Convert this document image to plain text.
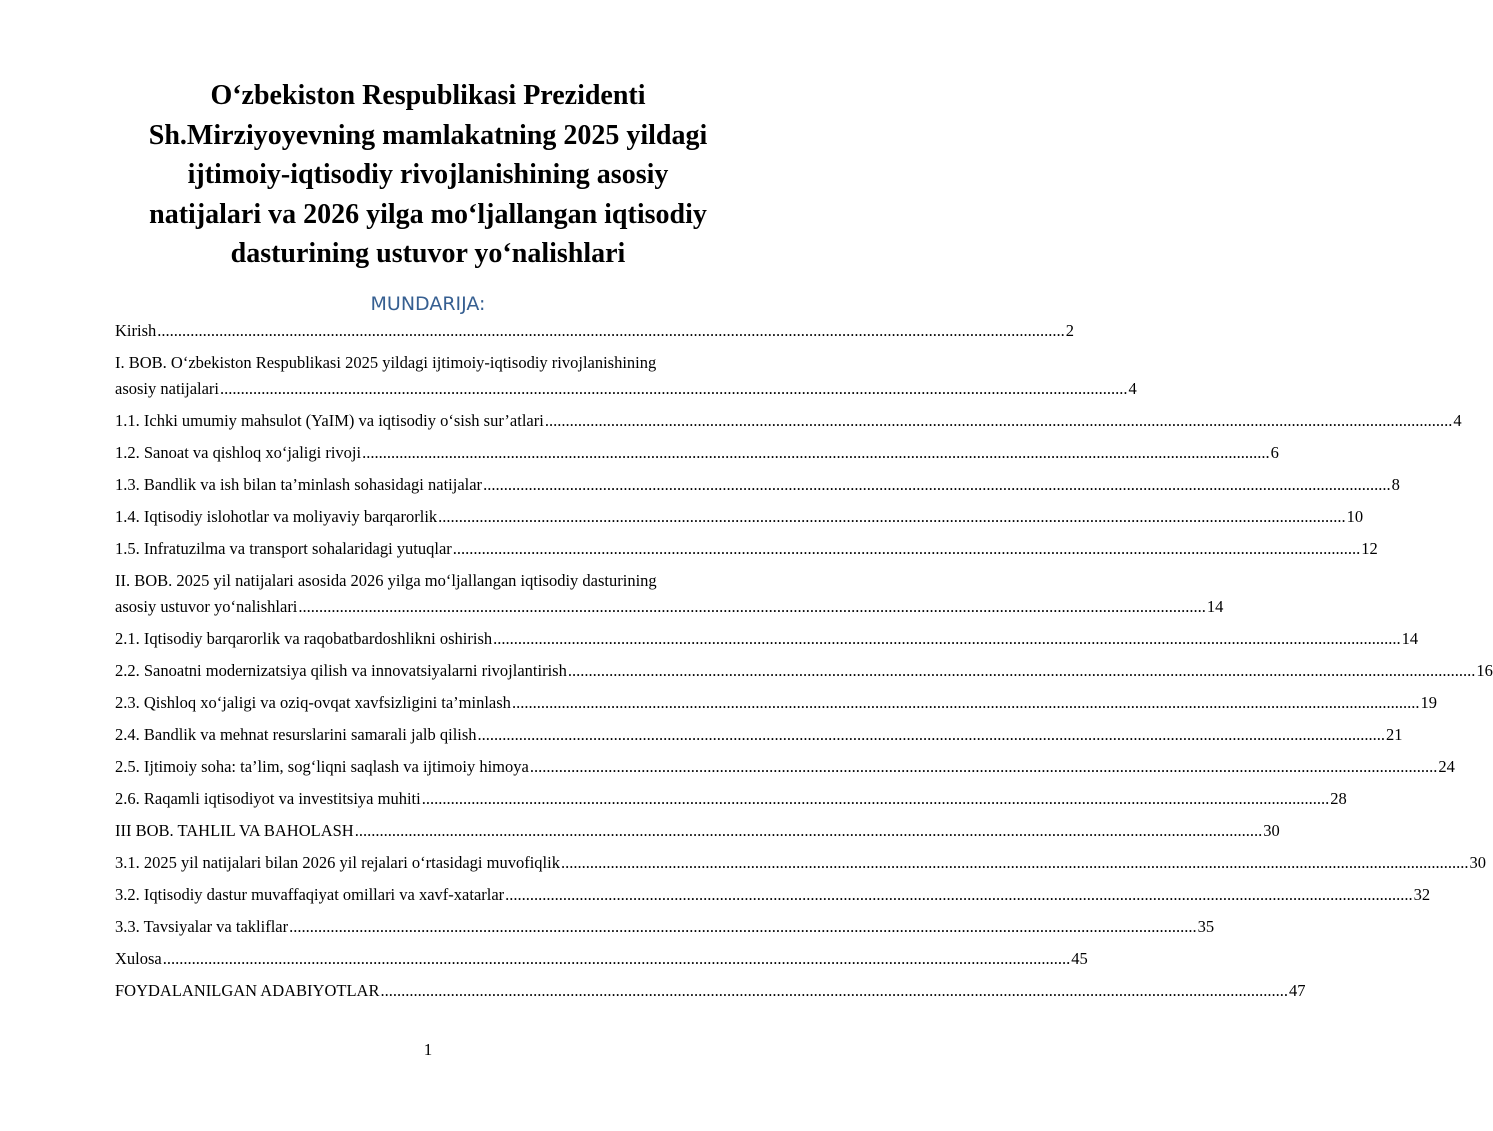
O‘zbekiston Respublikasi Prezidenti
Sh.Mirziyoyevning mamlakatning 2025 yildagi
ijtimoiy-iqtisodiy rivojlanishining asosiy
natijalari va 2026 yilga mo‘ljallangan iqtisodiy
dasturining ustuvor yo‘nalishlari
MUNDARIJA:
Kirish ............................................................................................................................................................................................................................ 2
I. BOB. O‘zbekiston Respublikasi 2025 yildagi ijtimoiy-iqtisodiy rivojlanishining
asosiy natijalari ............................................................................................................................................................................................................................ 4
1.1. Ichki umumiy mahsulot (YaIM) va iqtisodiy o‘sish sur’atlari ............................................................................................................................................................................................................................ 4
1.2. Sanoat va qishloq xo‘jaligi rivoji ............................................................................................................................................................................................................................ 6
1.3. Bandlik va ish bilan ta’minlash sohasidagi natijalar ............................................................................................................................................................................................................................ 8
1.4. Iqtisodiy islohotlar va moliyaviy barqarorlik ............................................................................................................................................................................................................................ 10
1.5. Infratuzilma va transport sohalaridagi yutuqlar ............................................................................................................................................................................................................................ 12
II. BOB. 2025 yil natijalari asosida 2026 yilga mo‘ljallangan iqtisodiy dasturining
asosiy ustuvor yo‘nalishlari ............................................................................................................................................................................................................................ 14
2.1. Iqtisodiy barqarorlik va raqobatbardoshlikni oshirish ............................................................................................................................................................................................................................ 14
2.2. Sanoatni modernizatsiya qilish va innovatsiyalarni rivojlantirish ............................................................................................................................................................................................................................ 16
2.3. Qishloq xo‘jaligi va oziq-ovqat xavfsizligini ta’minlash ............................................................................................................................................................................................................................ 19
2.4. Bandlik va mehnat resurslarini samarali jalb qilish ............................................................................................................................................................................................................................ 21
2.5. Ijtimoiy soha: ta’lim, sog‘liqni saqlash va ijtimoiy himoya ............................................................................................................................................................................................................................ 24
2.6. Raqamli iqtisodiyot va investitsiya muhiti ............................................................................................................................................................................................................................ 28
III BOB. TAHLIL VA BAHOLASH ............................................................................................................................................................................................................................ 30
3.1. 2025 yil natijalari bilan 2026 yil rejalari o‘rtasidagi muvofiqlik ............................................................................................................................................................................................................................ 30
3.2. Iqtisodiy dastur muvaffaqiyat omillari va xavf-xatarlar ............................................................................................................................................................................................................................ 32
3.3. Tavsiyalar va takliflar ............................................................................................................................................................................................................................ 35
Xulosa ............................................................................................................................................................................................................................ 45
FOYDALANILGAN ADABIYOTLAR ............................................................................................................................................................................................................................ 47
1
